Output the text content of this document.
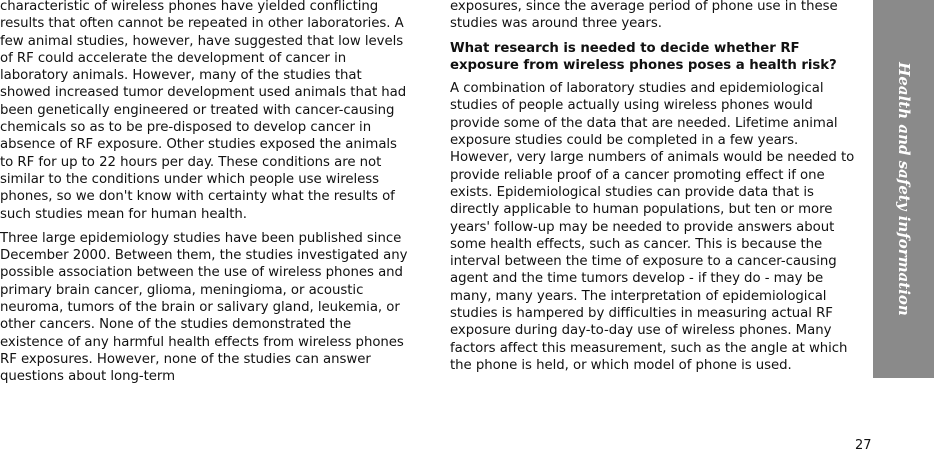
characteristic of wireless phones have yielded conflicting results that often cannot be repeated in other laboratories. A few animal studies, however, have suggested that low levels of RF could accelerate the development of cancer in laboratory animals. However, many of the studies that showed increased tumor development used animals that had been genetically engineered or treated with cancer-causing chemicals so as to be pre-disposed to develop cancer in absence of RF exposure. Other studies exposed the animals to RF for up to 22 hours per day. These conditions are not similar to the conditions under which people use wireless phones, so we don't know with certainty what the results of such studies mean for human health.

Three large epidemiology studies have been published since December 2000. Between them, the studies investigated any possible association between the use of wireless phones and primary brain cancer, glioma, meningioma, or acoustic neuroma, tumors of the brain or salivary gland, leukemia, or other cancers. None of the studies demonstrated the existence of any harmful health effects from wireless phones RF exposures. However, none of the studies can answer questions about long-term

exposures, since the average period of phone use in these studies was around three years.

What research is needed to decide whether RF exposure from wireless phones poses a health risk?

A combination of laboratory studies and epidemiological studies of people actually using wireless phones would provide some of the data that are needed. Lifetime animal exposure studies could be completed in a few years. However, very large numbers of animals would be needed to provide reliable proof of a cancer promoting effect if one exists. Epidemiological studies can provide data that is directly applicable to human populations, but ten or more years' follow-up may be needed to provide answers about some health effects, such as cancer. This is because the interval between the time of exposure to a cancer-causing agent and the time tumors develop - if they do - may be many, many years. The interpretation of epidemiological studies is hampered by difficulties in measuring actual RF exposure during day-to-day use of wireless phones. Many factors affect this measurement, such as the angle at which the phone is held, or which model of phone is used.

Health and safety information
27
